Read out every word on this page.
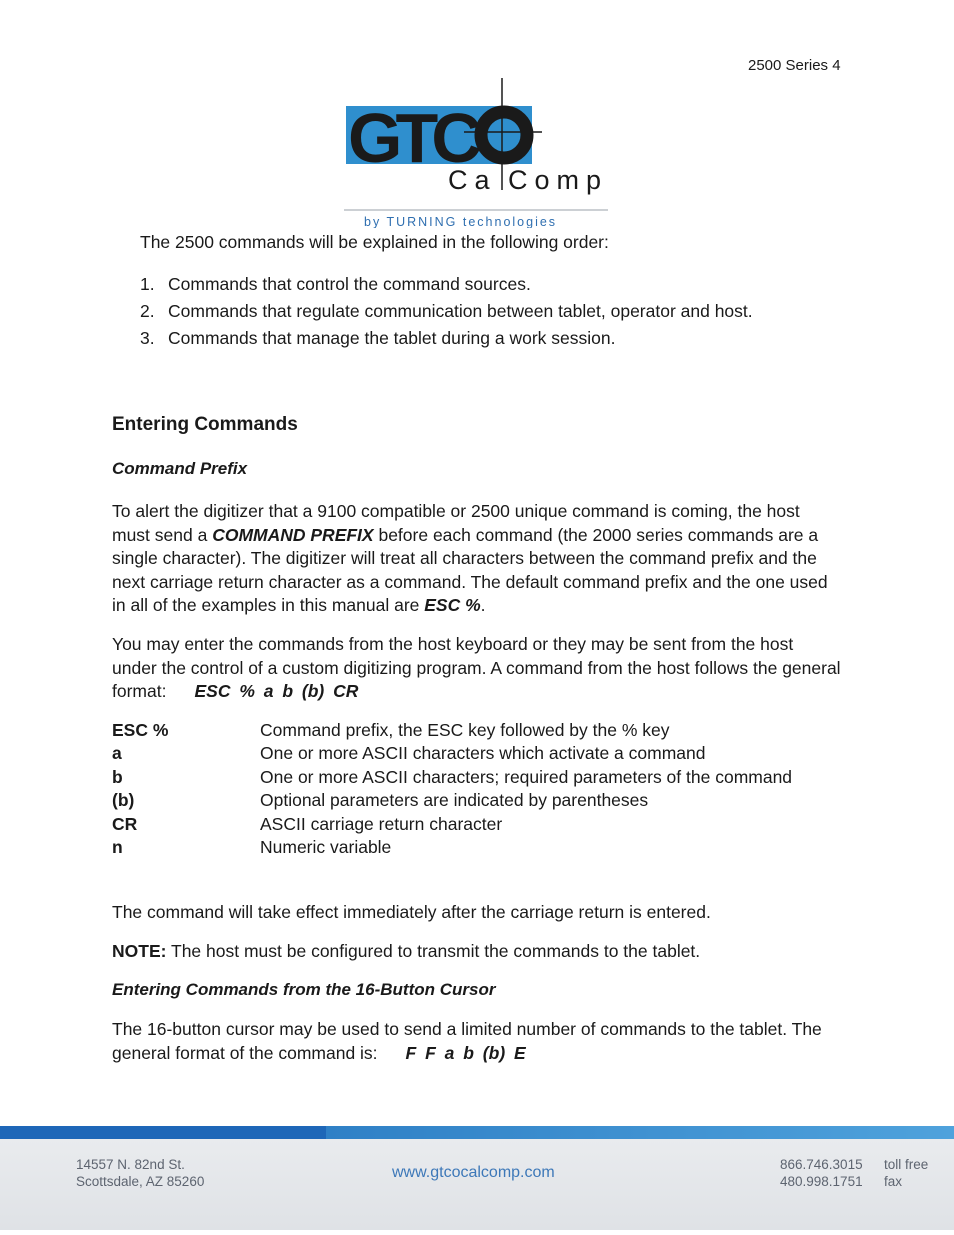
2500 Series 4
GTC
Ca Comp
by TURNING technologies
The 2500 commands will be explained in the following order:
1. Commands that control the command sources.
2. Commands that regulate communication between tablet, operator and host.
3. Commands that manage the tablet during a work session.
Entering Commands
Command Prefix
To alert the digitizer that a 9100 compatible or 2500 unique command is coming, the host must send a COMMAND PREFIX before each command (the 2000 series commands are a single character). The digitizer will treat all characters between the command prefix and the next carriage return character as a command. The default command prefix and the one used in all of the examples in this manual are ESC %.
You may enter the commands from the host keyboard or they may be sent from the host under the control of a custom digitizing program. A command from the host follows the general format: ESC % a b (b) CR
ESC %	Command prefix, the ESC key followed by the % key
a	One or more ASCII characters which activate a command
b	One or more ASCII characters; required parameters of the command
(b)	Optional parameters are indicated by parentheses
CR	ASCII carriage return character
n	Numeric variable
The command will take effect immediately after the carriage return is entered.
NOTE: The host must be configured to transmit the commands to the tablet.
Entering Commands from the 16-Button Cursor
The 16-button cursor may be used to send a limited number of commands to the tablet. The general format of the command is: F F a b (b) E
14557 N. 82nd St.
Scottsdale, AZ 85260	www.gtcocalcomp.com	866.746.3015
480.998.1751
toll free
fax
